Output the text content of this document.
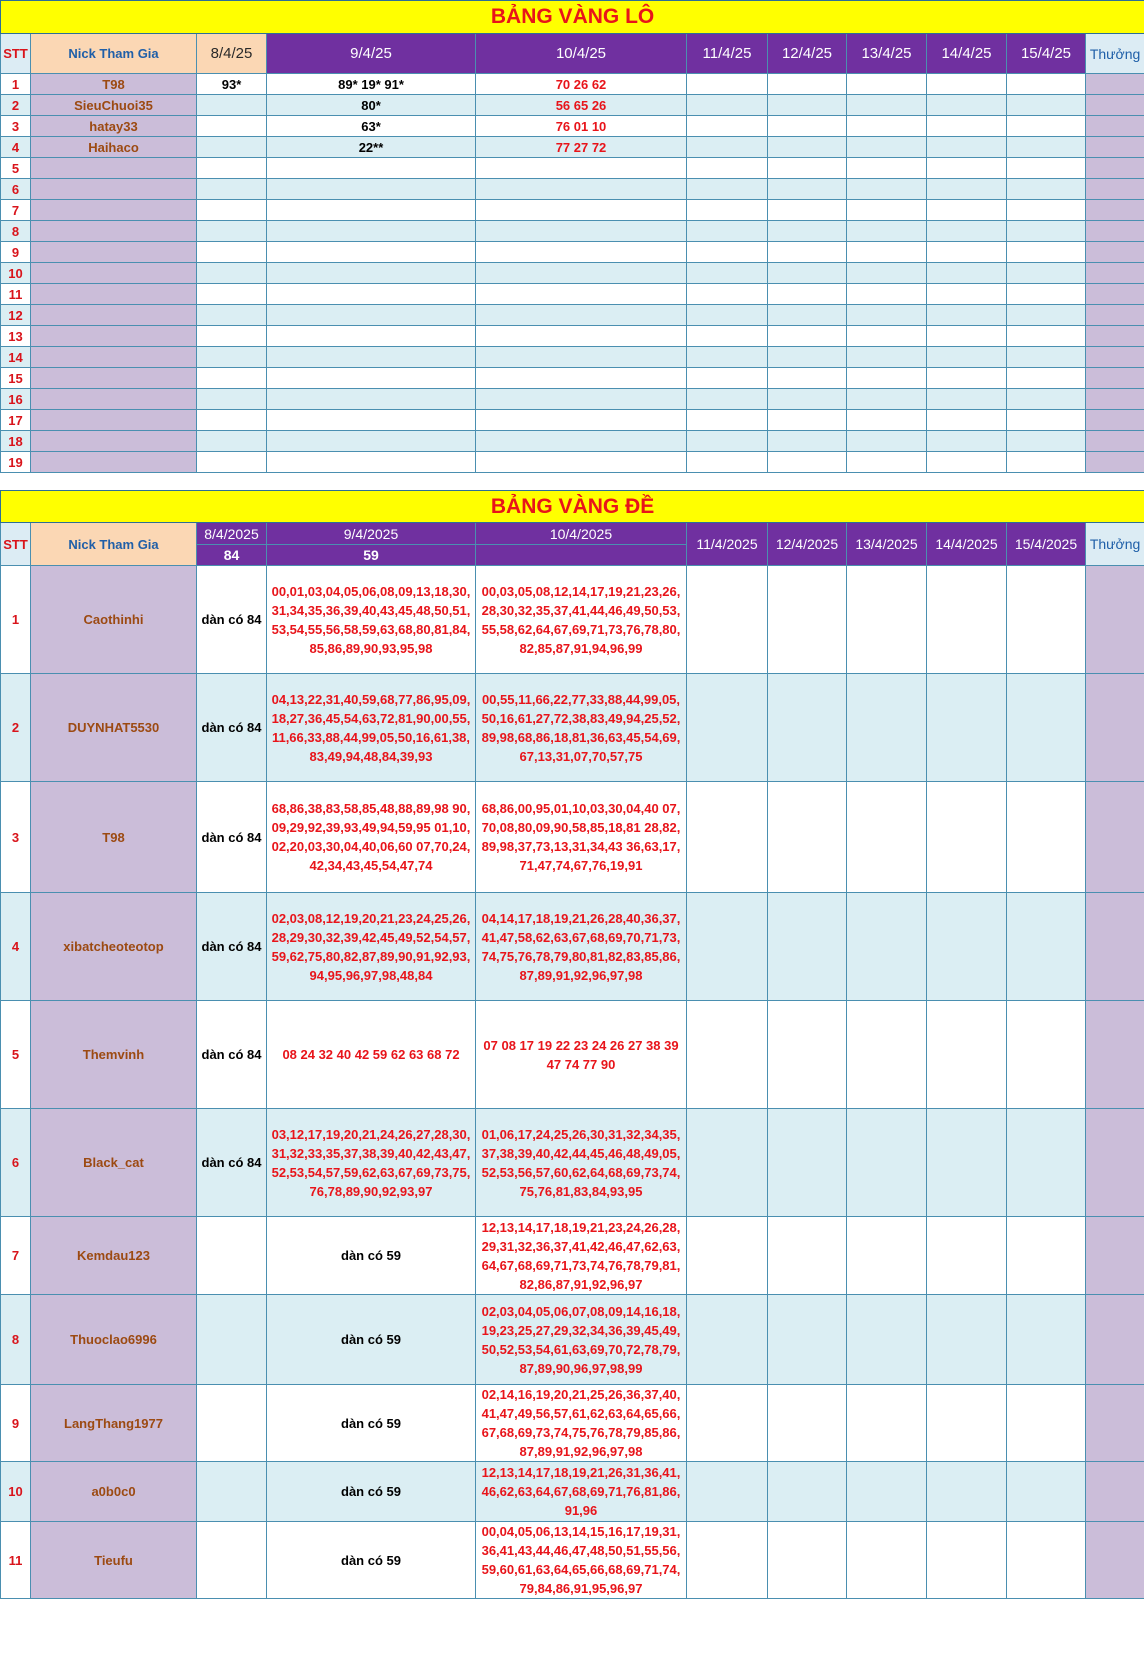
BẢNG VÀNG LÔ										
STT	Nick Tham Gia	8/4/25	9/4/25	10/4/25	11/4/25	12/4/25	13/4/25	14/4/25	15/4/25	Thưởng
1	T98	93*	89* 19* 91*	70 26 62						
2	SieuChuoi35		80*	56 65 26						
3	hatay33		63*	76 01 10						
4	Haihaco		22**	77 27 72						
5										
6										
7										
8										
9										
10										
11										
12										
13										
14										
15										
16										
17										
18										
19										
BẢNG VÀNG ĐỀ										
STT	Nick Tham Gia	8/4/2025	9/4/2025	10/4/2025	11/4/2025	12/4/2025	13/4/2025	14/4/2025	15/4/2025	Thưởng
		84	59							
1	Caothinhi	dàn có 84	00,01,03,04,05,06,08,09,13,18,30,31,34,35,36,39,40,43,45,48,50,51,53,54,55,56,58,59,63,68,80,81,84,85,86,89,90,93,95,98	00,03,05,08,12,14,17,19,21,23,26,28,30,32,35,37,41,44,46,49,50,53,55,58,62,64,67,69,71,73,76,78,80,82,85,87,91,94,96,99						
2	DUYNHAT5530	dàn có 84	04,13,22,31,40,59,68,77,86,95,09,18,27,36,45,54,63,72,81,90,00,55,11,66,33,88,44,99,05,50,16,61,38,83,49,94,48,84,39,93	00,55,11,66,22,77,33,88,44,99,05,50,16,61,27,72,38,83,49,94,25,52,89,98,68,86,18,81,36,63,45,54,69,67,13,31,07,70,57,75						
3	T98	dàn có 84	68,86,38,83,58,85,48,88,89,98 90,09,29,92,39,93,49,94,59,95 01,10,02,20,03,30,04,40,06,60 07,70,24,42,34,43,45,54,47,74	68,86,00,95,01,10,03,30,04,40 07,70,08,80,09,90,58,85,18,81 28,82,89,98,37,73,13,31,34,43 36,63,17,71,47,74,67,76,19,91						
4	xibatcheoteotop	dàn có 84	02,03,08,12,19,20,21,23,24,25,26,28,29,30,32,39,42,45,49,52,54,57,59,62,75,80,82,87,89,90,91,92,93,94,95,96,97,98,48,84	04,14,17,18,19,21,26,28,40,36,37,41,47,58,62,63,67,68,69,70,71,73,74,75,76,78,79,80,81,82,83,85,86,87,89,91,92,96,97,98						
5	Themvinh	dàn có 84	08 24 32 40 42 59 62 63 68 72	07 08 17 19 22 23 24 26 27 38 39 47 74 77 90						
6	Black_cat	dàn có 84	03,12,17,19,20,21,24,26,27,28,30,31,32,33,35,37,38,39,40,42,43,47,52,53,54,57,59,62,63,67,69,73,75,76,78,89,90,92,93,97	01,06,17,24,25,26,30,31,32,34,35,37,38,39,40,42,44,45,46,48,49,05,52,53,56,57,60,62,64,68,69,73,74,75,76,81,83,84,93,95						
7	Kemdau123		dàn có 59	12,13,14,17,18,19,21,23,24,26,28,29,31,32,36,37,41,42,46,47,62,63,64,67,68,69,71,73,74,76,78,79,81,82,86,87,91,92,96,97						
8	Thuoclao6996		dàn có 59	02,03,04,05,06,07,08,09,14,16,18,19,23,25,27,29,32,34,36,39,45,49,50,52,53,54,61,63,69,70,72,78,79,87,89,90,96,97,98,99						
9	LangThang1977		dàn có 59	02,14,16,19,20,21,25,26,36,37,40,41,47,49,56,57,61,62,63,64,65,66,67,68,69,73,74,75,76,78,79,85,86,87,89,91,92,96,97,98						
10	a0b0c0		dàn có 59	12,13,14,17,18,19,21,26,31,36,41,46,62,63,64,67,68,69,71,76,81,86,91,96						
11	Tieufu		dàn có 59	00,04,05,06,13,14,15,16,17,19,31,36,41,43,44,46,47,48,50,51,55,56,59,60,61,63,64,65,66,68,69,71,74,79,84,86,91,95,96,97						
